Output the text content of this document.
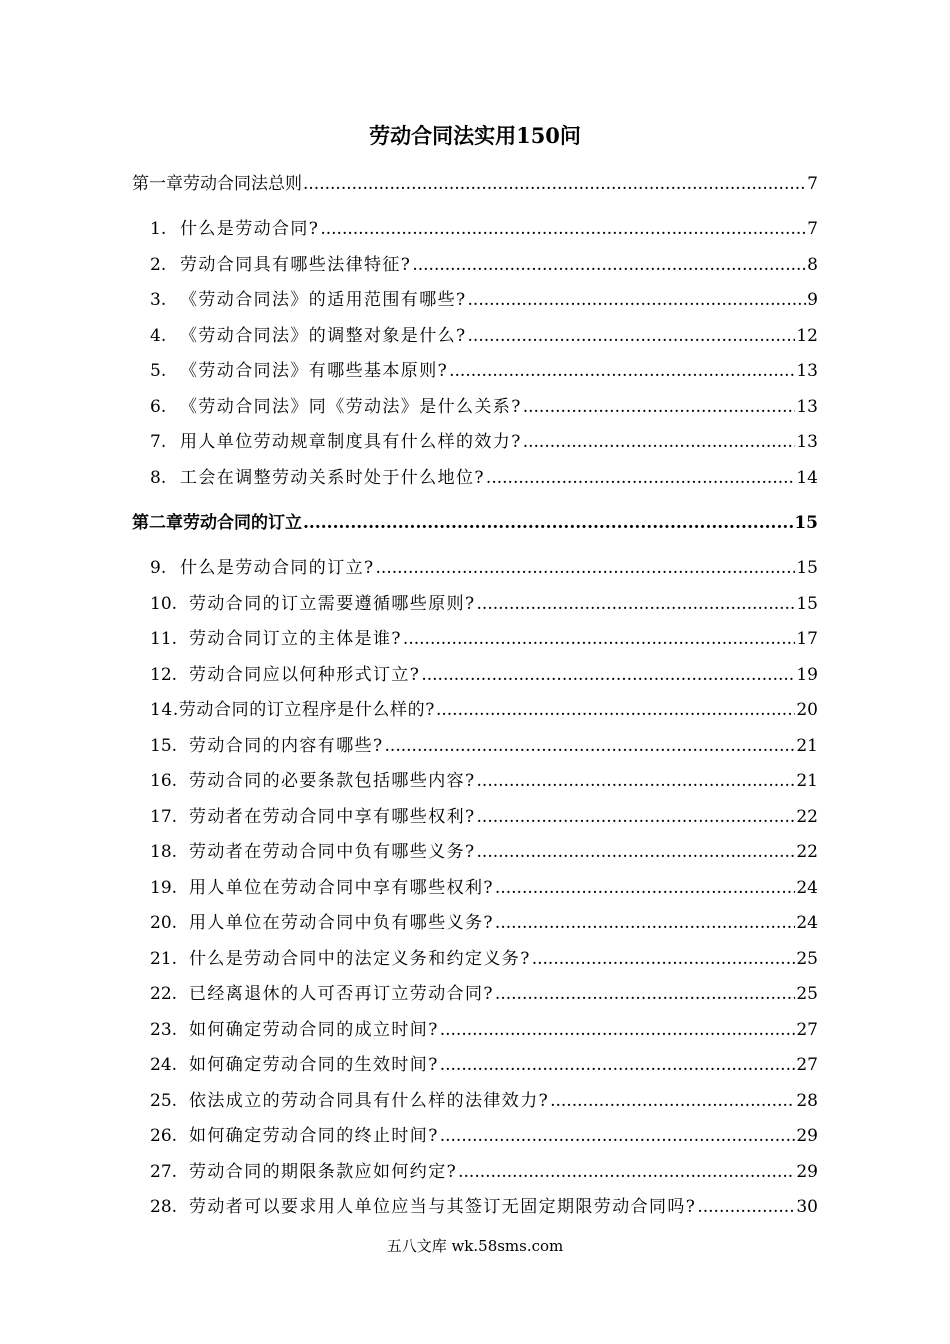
劳动合同法实用150问
第一章劳动合同法总则 .....	7
1. 什么是劳动合同? .....	7
2. 劳动合同具有哪些法律特征? .....	8
3. 《劳动合同法》的适用范围有哪些? .....	9
4. 《劳动合同法》的调整对象是什么? .....	12
5. 《劳动合同法》有哪些基本原则? .....	13
6. 《劳动合同法》同《劳动法》是什么关系? .....	13
7. 用人单位劳动规章制度具有什么样的效力? .....	13
8. 工会在调整劳动关系时处于什么地位? .....	14
第二章劳动合同的订立 .....	15
9. 什么是劳动合同的订立? .....	15
10. 劳动合同的订立需要遵循哪些原则? .....	15
11. 劳动合同订立的主体是谁? .....	17
12. 劳动合同应以何种形式订立? .....	19
14.劳动合同的订立程序是什么样的? .....	20
15. 劳动合同的内容有哪些? .....	21
16. 劳动合同的必要条款包括哪些内容? .....	21
17. 劳动者在劳动合同中享有哪些权利? .....	22
18. 劳动者在劳动合同中负有哪些义务? .....	22
19. 用人单位在劳动合同中享有哪些权利? .....	24
20. 用人单位在劳动合同中负有哪些义务? .....	24
21. 什么是劳动合同中的法定义务和约定义务? .....	25
22. 已经离退休的人可否再订立劳动合同? .....	25
23. 如何确定劳动合同的成立时间? .....	27
24. 如何确定劳动合同的生效时间? .....	27
25. 依法成立的劳动合同具有什么样的法律效力? .....	28
26. 如何确定劳动合同的终止时间? .....	29
27. 劳动合同的期限条款应如何约定? .....	29
28. 劳动者可以要求用人单位应当与其签订无固定期限劳动合同吗? .....	30
五八文库 wk.58sms.com
